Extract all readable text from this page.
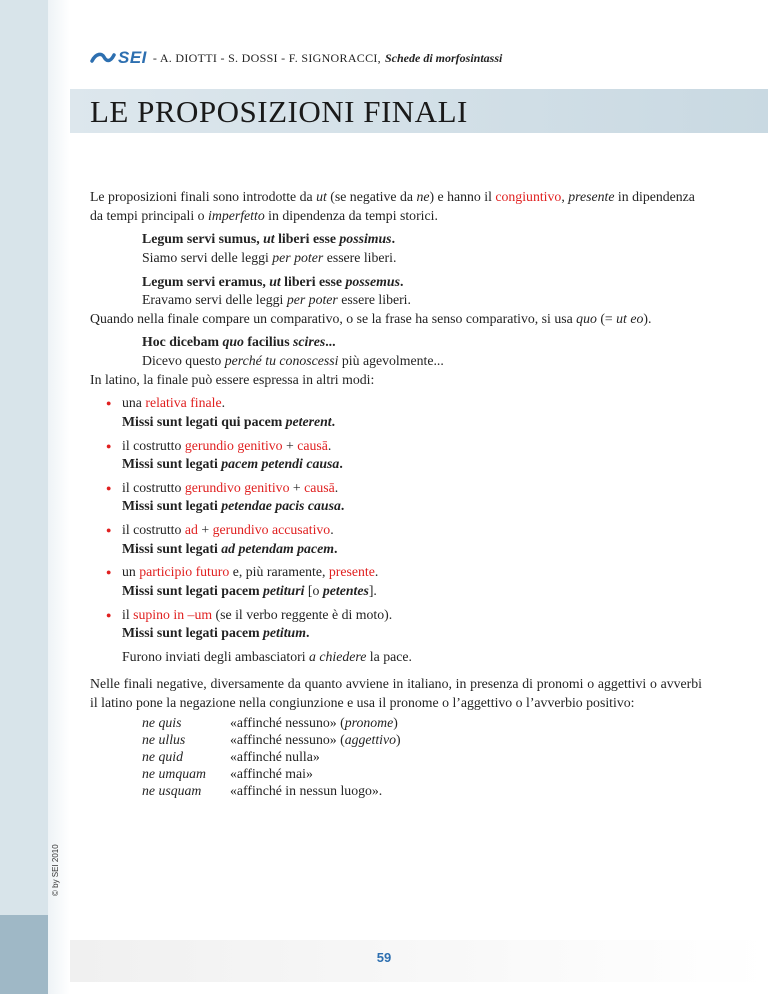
© by SEI 2010
SEI - A. DIOTTI - S. DOSSI - F. SIGNORACCI, Schede di morfosintassi
LE PROPOSIZIONI FINALI

Le proposizioni finali sono introdotte da ut (se negative da ne) e hanno il congiuntivo, presente in dipendenza da tempi principali o imperfetto in dipendenza da tempi storici.

Legum servi sumus, ut liberi esse possimus.
Siamo servi delle leggi per poter essere liberi.
Legum servi eramus, ut liberi esse possemus.
Eravamo servi delle leggi per poter essere liberi.

Quando nella finale compare un comparativo, o se la frase ha senso comparativo, si usa quo (= ut eo).

Hoc dicebam quo facilius scires...
Dicevo questo perché tu conoscessi più agevolmente...

In latino, la finale può essere espressa in altri modi:

● una relativa finale.
Missi sunt legati qui pacem peterent.
● il costrutto gerundio genitivo + causā.
Missi sunt legati pacem petendi causa.
● il costrutto gerundivo genitivo + causā.
Missi sunt legati petendae pacis causa.
● il costrutto ad + gerundivo accusativo.
Missi sunt legati ad petendam pacem.
● un participio futuro e, più raramente, presente.
Missi sunt legati pacem petituri [o petentes].
● il supino in –um (se il verbo reggente è di moto).
Missi sunt legati pacem petitum.
Furono inviati degli ambasciatori a chiedere la pace.

Nelle finali negative, diversamente da quanto avviene in italiano, in presenza di pronomi o aggettivi o avverbi il latino pone la negazione nella congiunzione e usa il pronome o l’aggettivo o l’avverbio positivo:

ne quis	«affinché nessuno» (pronome)
ne ullus	«affinché nessuno» (aggettivo)
ne quid	«affinché nulla»
ne umquam	«affinché mai»
ne usquam	«affinché in nessun luogo».
59
